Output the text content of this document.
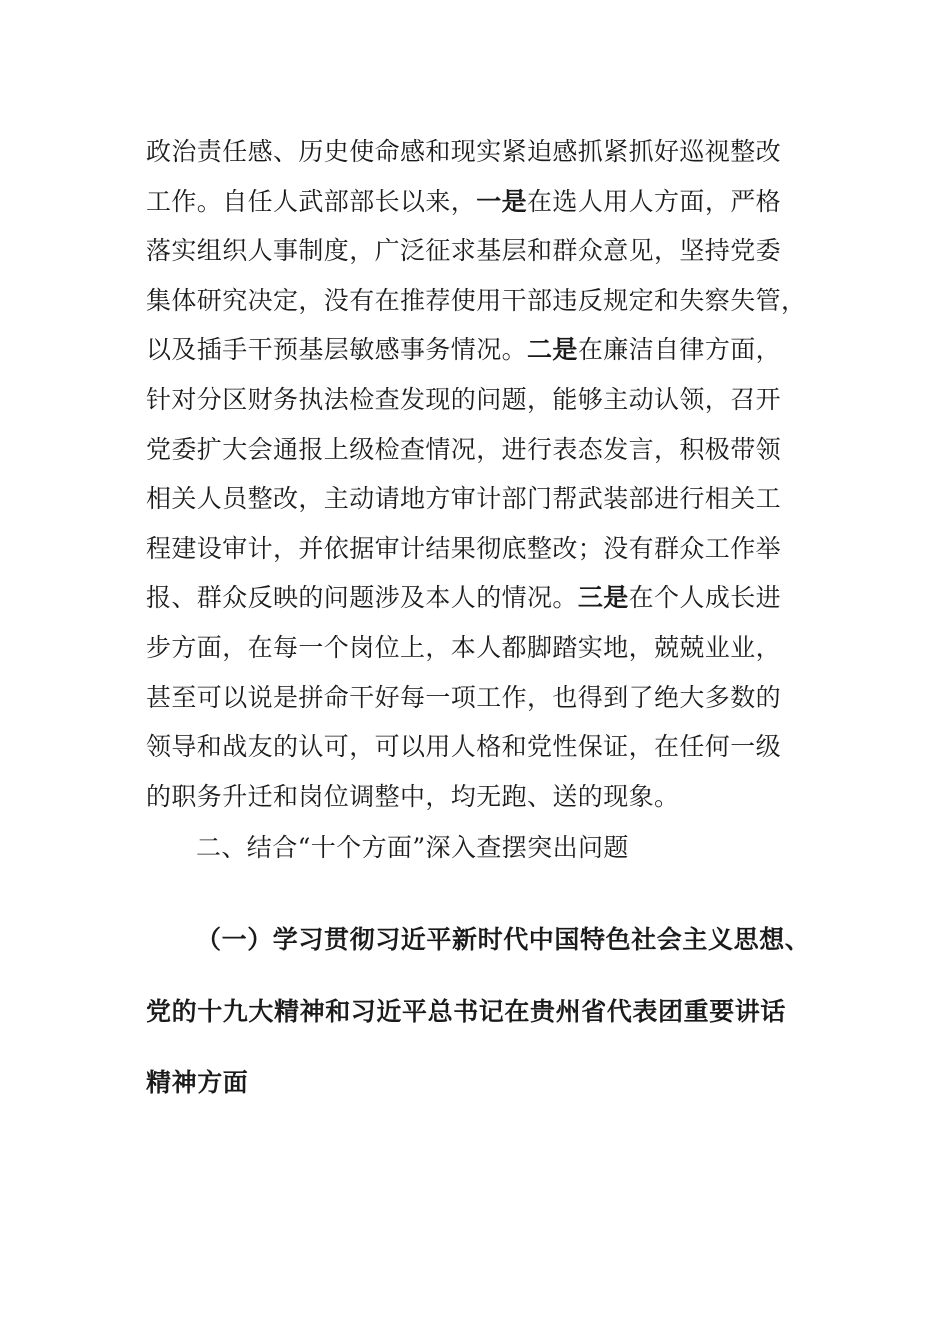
政治责任感、历史使命感和现实紧迫感抓紧抓好巡视整改
工作。自任人武部部长以来，一是在选人用人方面，严格
落实组织人事制度，广泛征求基层和群众意见，坚持党委
集体研究决定，没有在推荐使用干部违反规定和失察失管，
以及插手干预基层敏感事务情况。二是在廉洁自律方面，
针对分区财务执法检查发现的问题，能够主动认领，召开
党委扩大会通报上级检查情况，进行表态发言，积极带领
相关人员整改，主动请地方审计部门帮武装部进行相关工
程建设审计，并依据审计结果彻底整改；没有群众工作举
报、群众反映的问题涉及本人的情况。三是在个人成长进
步方面，在每一个岗位上，本人都脚踏实地，兢兢业业，
甚至可以说是拼命干好每一项工作，也得到了绝大多数的
领导和战友的认可，可以用人格和党性保证，在任何一级
的职务升迁和岗位调整中，均无跑、送的现象。
二、结合“十个方面”深入查摆突出问题
（一）学习贯彻习近平新时代中国特色社会主义思想、
党的十九大精神和习近平总书记在贵州省代表团重要讲话
精神方面
